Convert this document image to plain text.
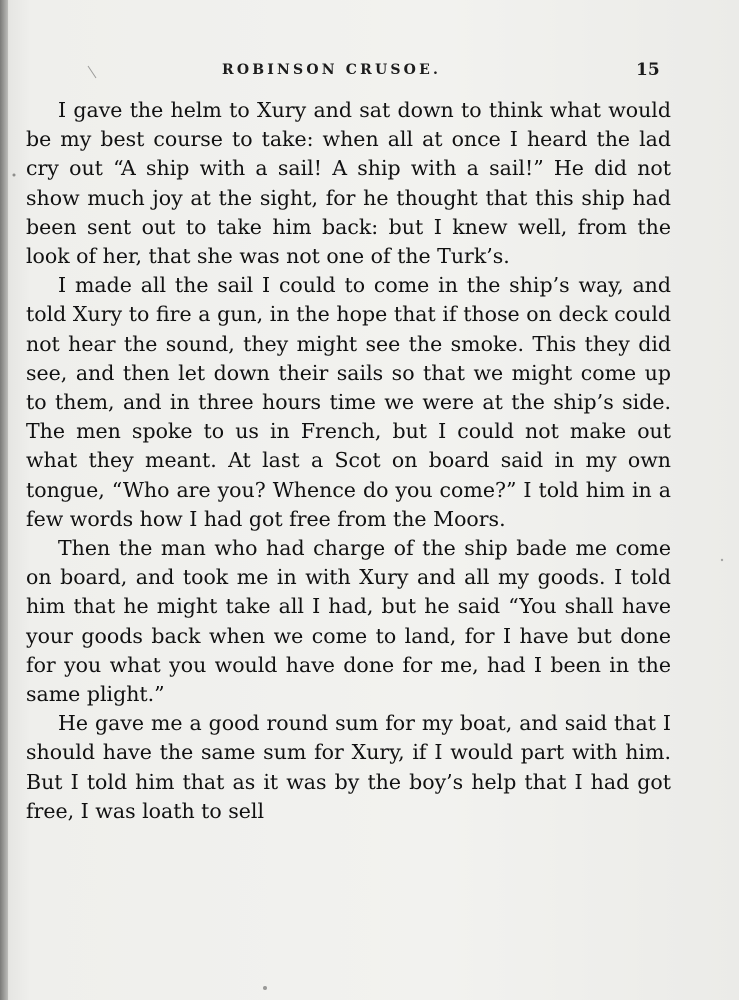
ROBINSON CRUSOE.	15

I gave the helm to Xury and sat down to think what would be my best course to take: when all at once I heard the lad cry out “A ship with a sail! A ship with a sail!” He did not show much joy at the sight, for he thought that this ship had been sent out to take him back: but I knew well, from the look of her, that she was not one of the Turk’s.

I made all the sail I could to come in the ship’s way, and told Xury to fire a gun, in the hope that if those on deck could not hear the sound, they might see the smoke. This they did see, and then let down their sails so that we might come up to them, and in three hours time we were at the ship’s side. The men spoke to us in French, but I could not make out what they meant. At last a Scot on board said in my own tongue, “Who are you? Whence do you come?” I told him in a few words how I had got free from the Moors.

Then the man who had charge of the ship bade me come on board, and took me in with Xury and all my goods. I told him that he might take all I had, but he said “You shall have your goods back when we come to land, for I have but done for you what you would have done for me, had I been in the same plight.”

He gave me a good round sum for my boat, and said that I should have the same sum for Xury, if I would part with him. But I told him that as it was by the boy’s help that I had got free, I was loath to sell
